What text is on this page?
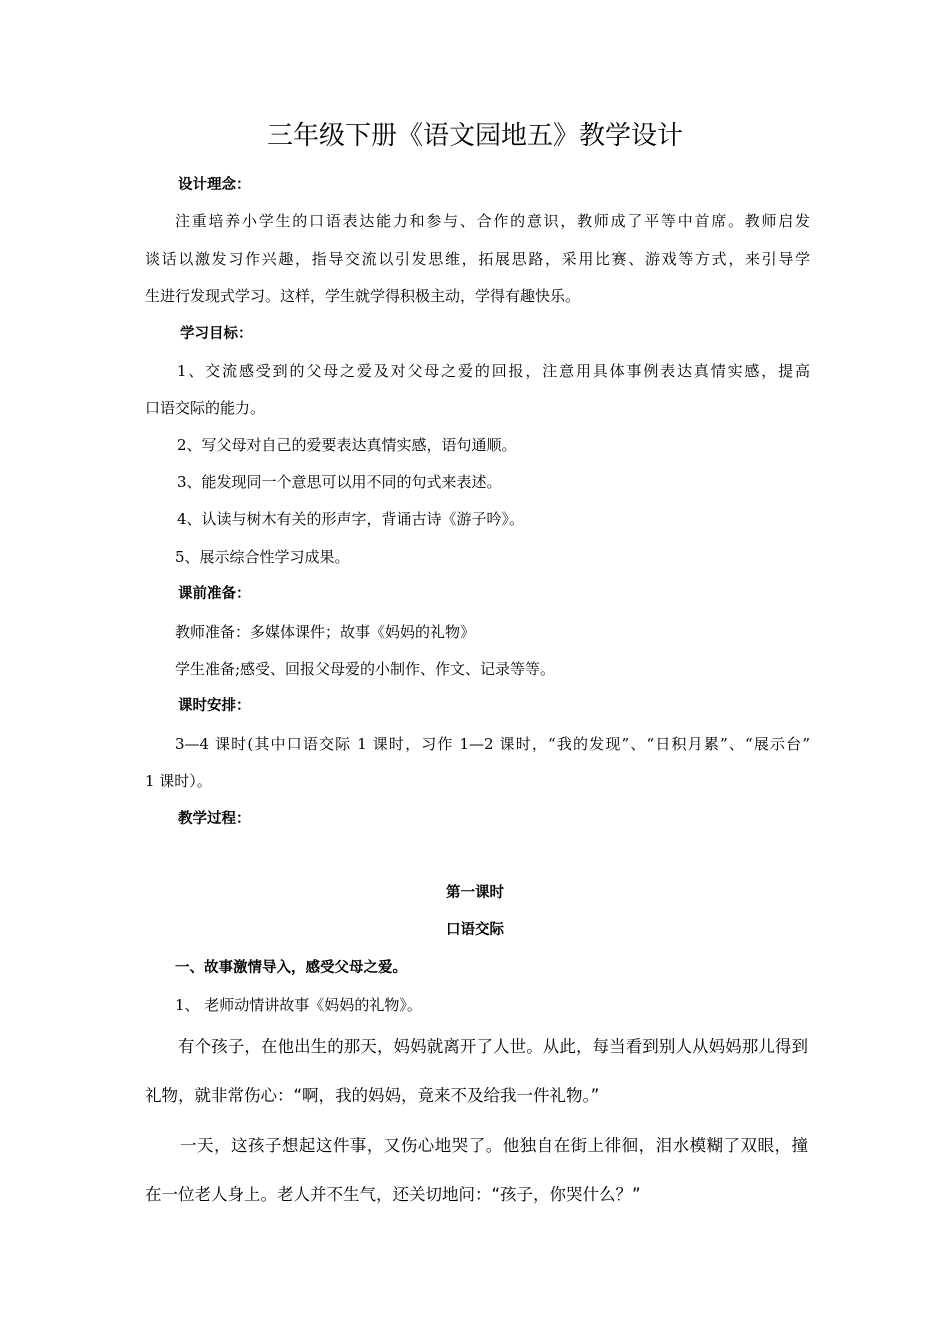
三年级下册《语文园地五》教学设计
设计理念：
注重培养小学生的口语表达能力和参与、合作的意识，教师成了平等中首席。教师启发
谈话以激发习作兴趣，指导交流以引发思维，拓展思路，采用比赛、游戏等方式，来引导学
生进行发现式学习。这样，学生就学得积极主动，学得有趣快乐。
学习目标：
1、交流感受到的父母之爱及对父母之爱的回报，注意用具体事例表达真情实感，提高
口语交际的能力。
2、写父母对自己的爱要表达真情实感，语句通顺。
3、能发现同一个意思可以用不同的句式来表述。
4、认读与树木有关的形声字，背诵古诗《游子吟》。
5、展示综合性学习成果。
课前准备：
教师准备：多媒体课件；故事《妈妈的礼物》
学生准备;感受、回报父母爱的小制作、作文、记录等等。
课时安排：
3—4 课时(其中口语交际 1 课时，习作 1—2 课时，“我的发现”、“日积月累”、“展示台”
1 课时）。
教学过程：
第一课时
口语交际
一、故事激情导入，感受父母之爱。
1、 老师动情讲故事《妈妈的礼物》。
有个孩子，在他出生的那天，妈妈就离开了人世。从此，每当看到别人从妈妈那儿得到
礼物，就非常伤心：“啊，我的妈妈，竟来不及给我一件礼物。”
一天，这孩子想起这件事，又伤心地哭了。他独自在街上徘徊，泪水模糊了双眼，撞
在一位老人身上。老人并不生气，还关切地问：“孩子，你哭什么？”
